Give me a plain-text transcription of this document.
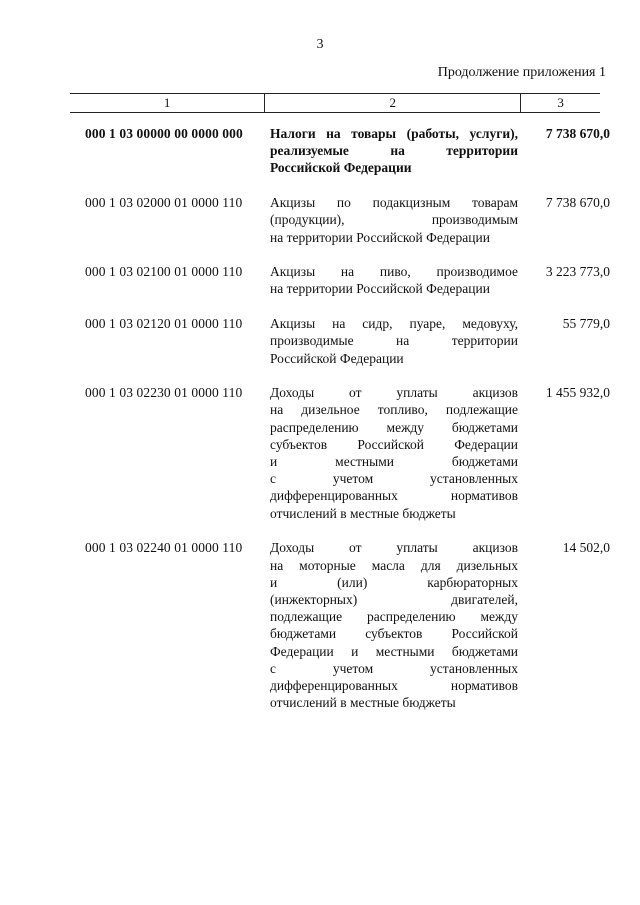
3
Продолжение приложения 1
1	2	3
000 1 03 00000 00 0000 000 Налоги на товары (работы, услуги),
реализуемые на территории
Российской Федерации
7 738 670,0
000 1 03 02000 01 0000 110 Акцизы по подакцизным товарам
(продукции), производимым
на территории Российской Федерации
7 738 670,0
000 1 03 02100 01 0000 110 Акцизы на пиво, производимое
на территории Российской Федерации
3 223 773,0
000 1 03 02120 01 0000 110 Акцизы на сидр, пуаре, медовуху,
производимые на территории
Российской Федерации
55 779,0
000 1 03 02230 01 0000 110 Доходы от уплаты акцизов
на дизельное топливо, подлежащие
распределению между бюджетами
субъектов Российской Федерации
и местными бюджетами
с учетом установленных
дифференцированных нормативов
отчислений в местные бюджеты
1 455 932,0
000 1 03 02240 01 0000 110 Доходы от уплаты акцизов
на моторные масла для дизельных
и (или) карбюраторных
(инжекторных) двигателей,
подлежащие распределению между
бюджетами субъектов Российской
Федерации и местными бюджетами
с учетом установленных
дифференцированных нормативов
отчислений в местные бюджеты
14 502,0
